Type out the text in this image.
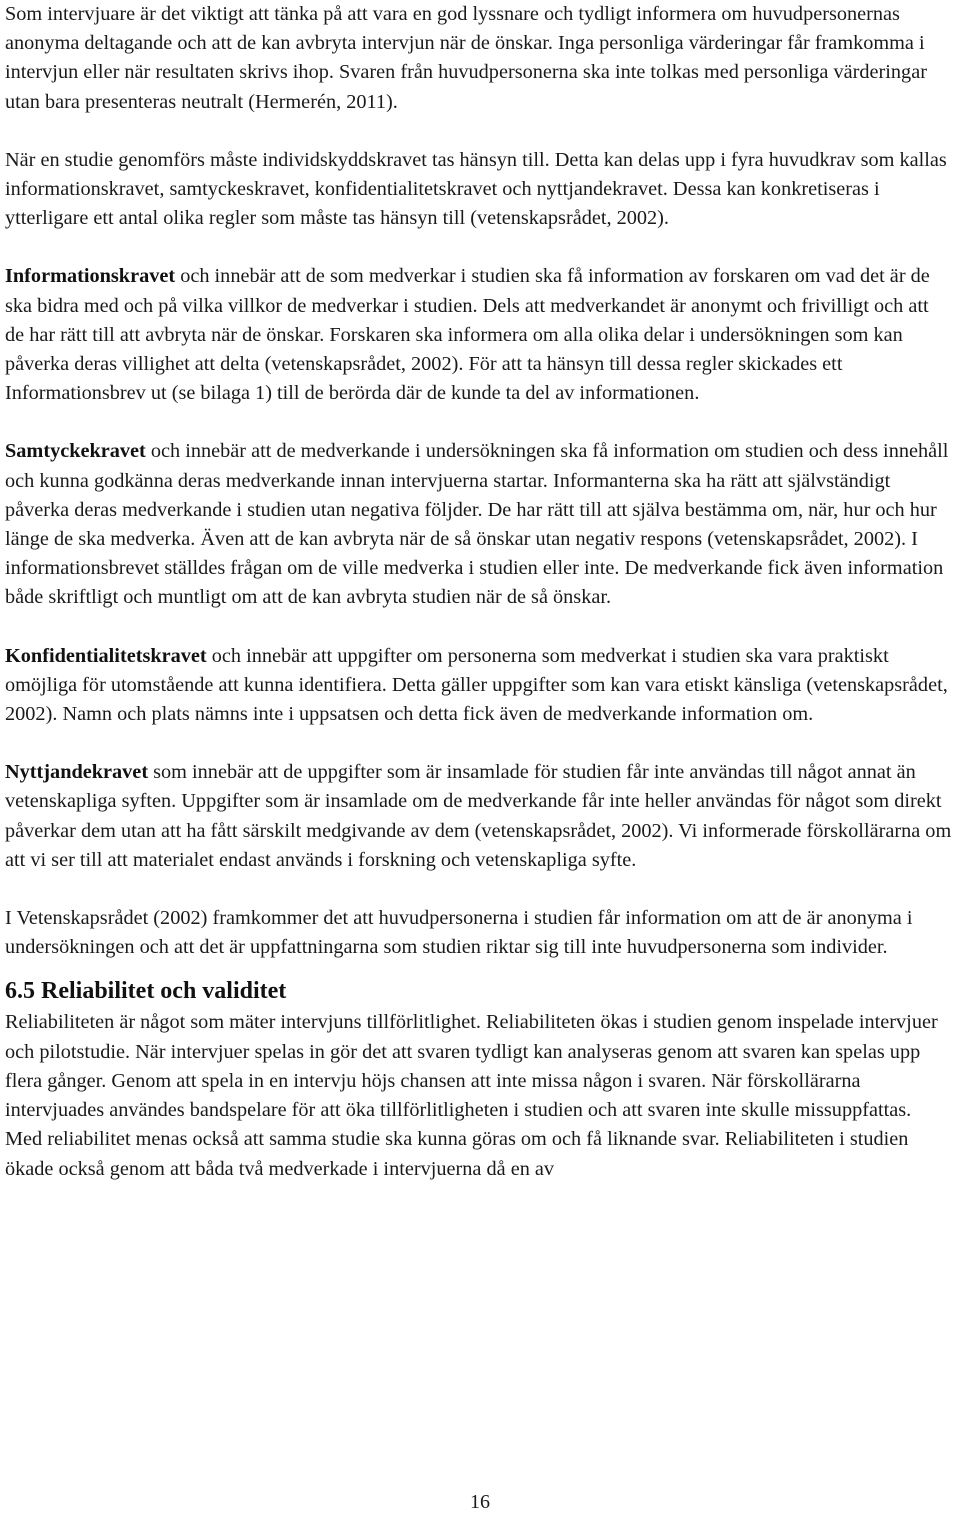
Som intervjuare är det viktigt att tänka på att vara en god lyssnare och tydligt informera om huvudpersonernas anonyma deltagande och att de kan avbryta intervjun när de önskar. Inga personliga värderingar får framkomma i intervjun eller när resultaten skrivs ihop. Svaren från huvudpersonerna ska inte tolkas med personliga värderingar utan bara presenteras neutralt (Hermerén, 2011).

När en studie genomförs måste individskyddskravet tas hänsyn till. Detta kan delas upp i fyra huvudkrav som kallas informationskravet, samtyckeskravet, konfidentialitetskravet och nyttjandekravet. Dessa kan konkretiseras i ytterligare ett antal olika regler som måste tas hänsyn till (vetenskapsrådet, 2002).

Informationskravet och innebär att de som medverkar i studien ska få information av forskaren om vad det är de ska bidra med och på vilka villkor de medverkar i studien. Dels att medverkandet är anonymt och frivilligt och att de har rätt till att avbryta när de önskar. Forskaren ska informera om alla olika delar i undersökningen som kan påverka deras villighet att delta (vetenskapsrådet, 2002). För att ta hänsyn till dessa regler skickades ett Informationsbrev ut (se bilaga 1) till de berörda där de kunde ta del av informationen.

Samtyckekravet och innebär att de medverkande i undersökningen ska få information om studien och dess innehåll och kunna godkänna deras medverkande innan intervjuerna startar. Informanterna ska ha rätt att självständigt påverka deras medverkande i studien utan negativa följder. De har rätt till att själva bestämma om, när, hur och hur länge de ska medverka. Även att de kan avbryta när de så önskar utan negativ respons (vetenskapsrådet, 2002). I informationsbrevet ställdes frågan om de ville medverka i studien eller inte. De medverkande fick även information både skriftligt och muntligt om att de kan avbryta studien när de så önskar.

Konfidentialitetskravet och innebär att uppgifter om personerna som medverkat i studien ska vara praktiskt omöjliga för utomstående att kunna identifiera. Detta gäller uppgifter som kan vara etiskt känsliga (vetenskapsrådet, 2002). Namn och plats nämns inte i uppsatsen och detta fick även de medverkande information om.

Nyttjandekravet som innebär att de uppgifter som är insamlade för studien får inte användas till något annat än vetenskapliga syften. Uppgifter som är insamlade om de medverkande får inte heller användas för något som direkt påverkar dem utan att ha fått särskilt medgivande av dem (vetenskapsrådet, 2002). Vi informerade förskollärarna om att vi ser till att materialet endast används i forskning och vetenskapliga syfte.

I Vetenskapsrådet (2002) framkommer det att huvudpersonerna i studien får information om att de är anonyma i undersökningen och att det är uppfattningarna som studien riktar sig till inte huvudpersonerna som individer.

6.5 Reliabilitet och validitet

Reliabiliteten är något som mäter intervjuns tillförlitlighet. Reliabiliteten ökas i studien genom inspelade intervjuer och pilotstudie. När intervjuer spelas in gör det att svaren tydligt kan analyseras genom att svaren kan spelas upp flera gånger. Genom att spela in en intervju höjs chansen att inte missa någon i svaren. När förskollärarna intervjuades användes bandspelare för att öka tillförlitligheten i studien och att svaren inte skulle missuppfattas. Med reliabilitet menas också att samma studie ska kunna göras om och få liknande svar. Reliabiliteten i studien ökade också genom att båda två medverkade i intervjuerna då en av

16
